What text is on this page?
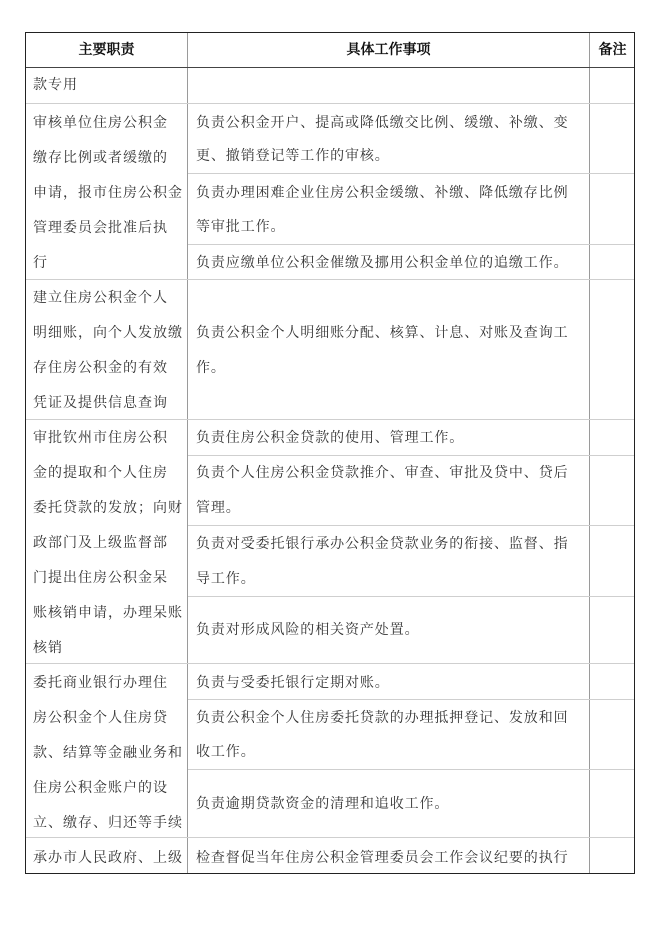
主要职责	具体工作事项	备注
款专用
审核单位住房公积金
缴存比例或者缓缴的
申请，报市住房公积金
管理委员会批准后执
行
建立住房公积金个人
明细账，向个人发放缴
存住房公积金的有效
凭证及提供信息查询
审批钦州市住房公积
金的提取和个人住房
委托贷款的发放；向财
政部门及上级监督部
门提出住房公积金呆
账核销申请，办理呆账
核销
委托商业银行办理住
房公积金个人住房贷
款、结算等金融业务和
住房公积金账户的设
立、缴存、归还等手续
承办市人民政府、上级
负责公积金开户、提高或降低缴交比例、缓缴、补缴、变
更、撤销登记等工作的审核。
负责办理困难企业住房公积金缓缴、补缴、降低缴存比例
等审批工作。
负责应缴单位公积金催缴及挪用公积金单位的追缴工作。
负责公积金个人明细账分配、核算、计息、对账及查询工
作。
负责住房公积金贷款的使用、管理工作。
负责个人住房公积金贷款推介、审查、审批及贷中、贷后
管理。
负责对受委托银行承办公积金贷款业务的衔接、监督、指
导工作。
负责对形成风险的相关资产处置。
负责与受委托银行定期对账。
负责公积金个人住房委托贷款的办理抵押登记、发放和回
收工作。
负责逾期贷款资金的清理和追收工作。
检查督促当年住房公积金管理委员会工作会议纪要的执行
